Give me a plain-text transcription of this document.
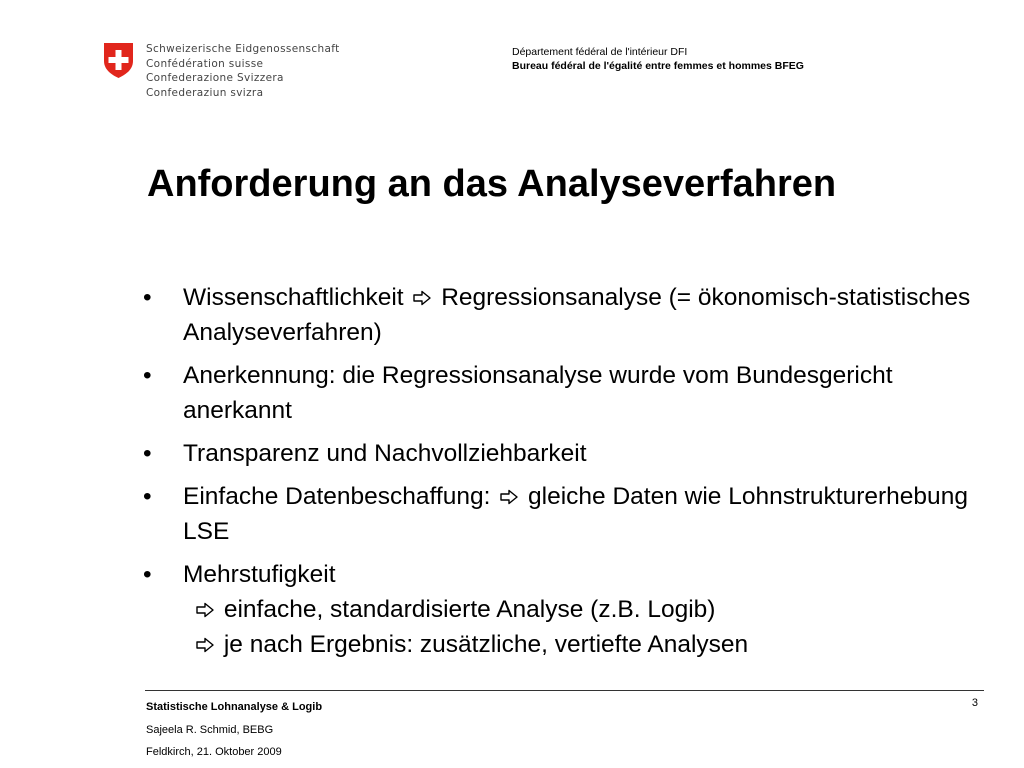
Schweizerische Eidgenossenschaft
Confédération suisse
Confederazione Svizzera
Confederaziun svizra
Département fédéral de l'intérieur DFI
Bureau fédéral de l'égalité entre femmes et hommes BFEG
Anforderung an das Analyseverfahren
• Wissenschaftlichkeit Regressionsanalyse (= ökonomisch-statistisches Analyseverfahren)
• Anerkennung: die Regressionsanalyse wurde vom Bundesgericht anerkannt
• Transparenz und Nachvollziehbarkeit
• Einfache Datenbeschaffung: gleiche Daten wie Lohnstrukturerhebung LSE
• Mehrstufigkeit
einfache, standardisierte Analyse (z.B. Logib)
je nach Ergebnis: zusätzliche, vertiefte Analysen
Statistische Lohnanalyse & Logib
Sajeela R. Schmid, BEBG
Feldkirch, 21. Oktober 2009
3
